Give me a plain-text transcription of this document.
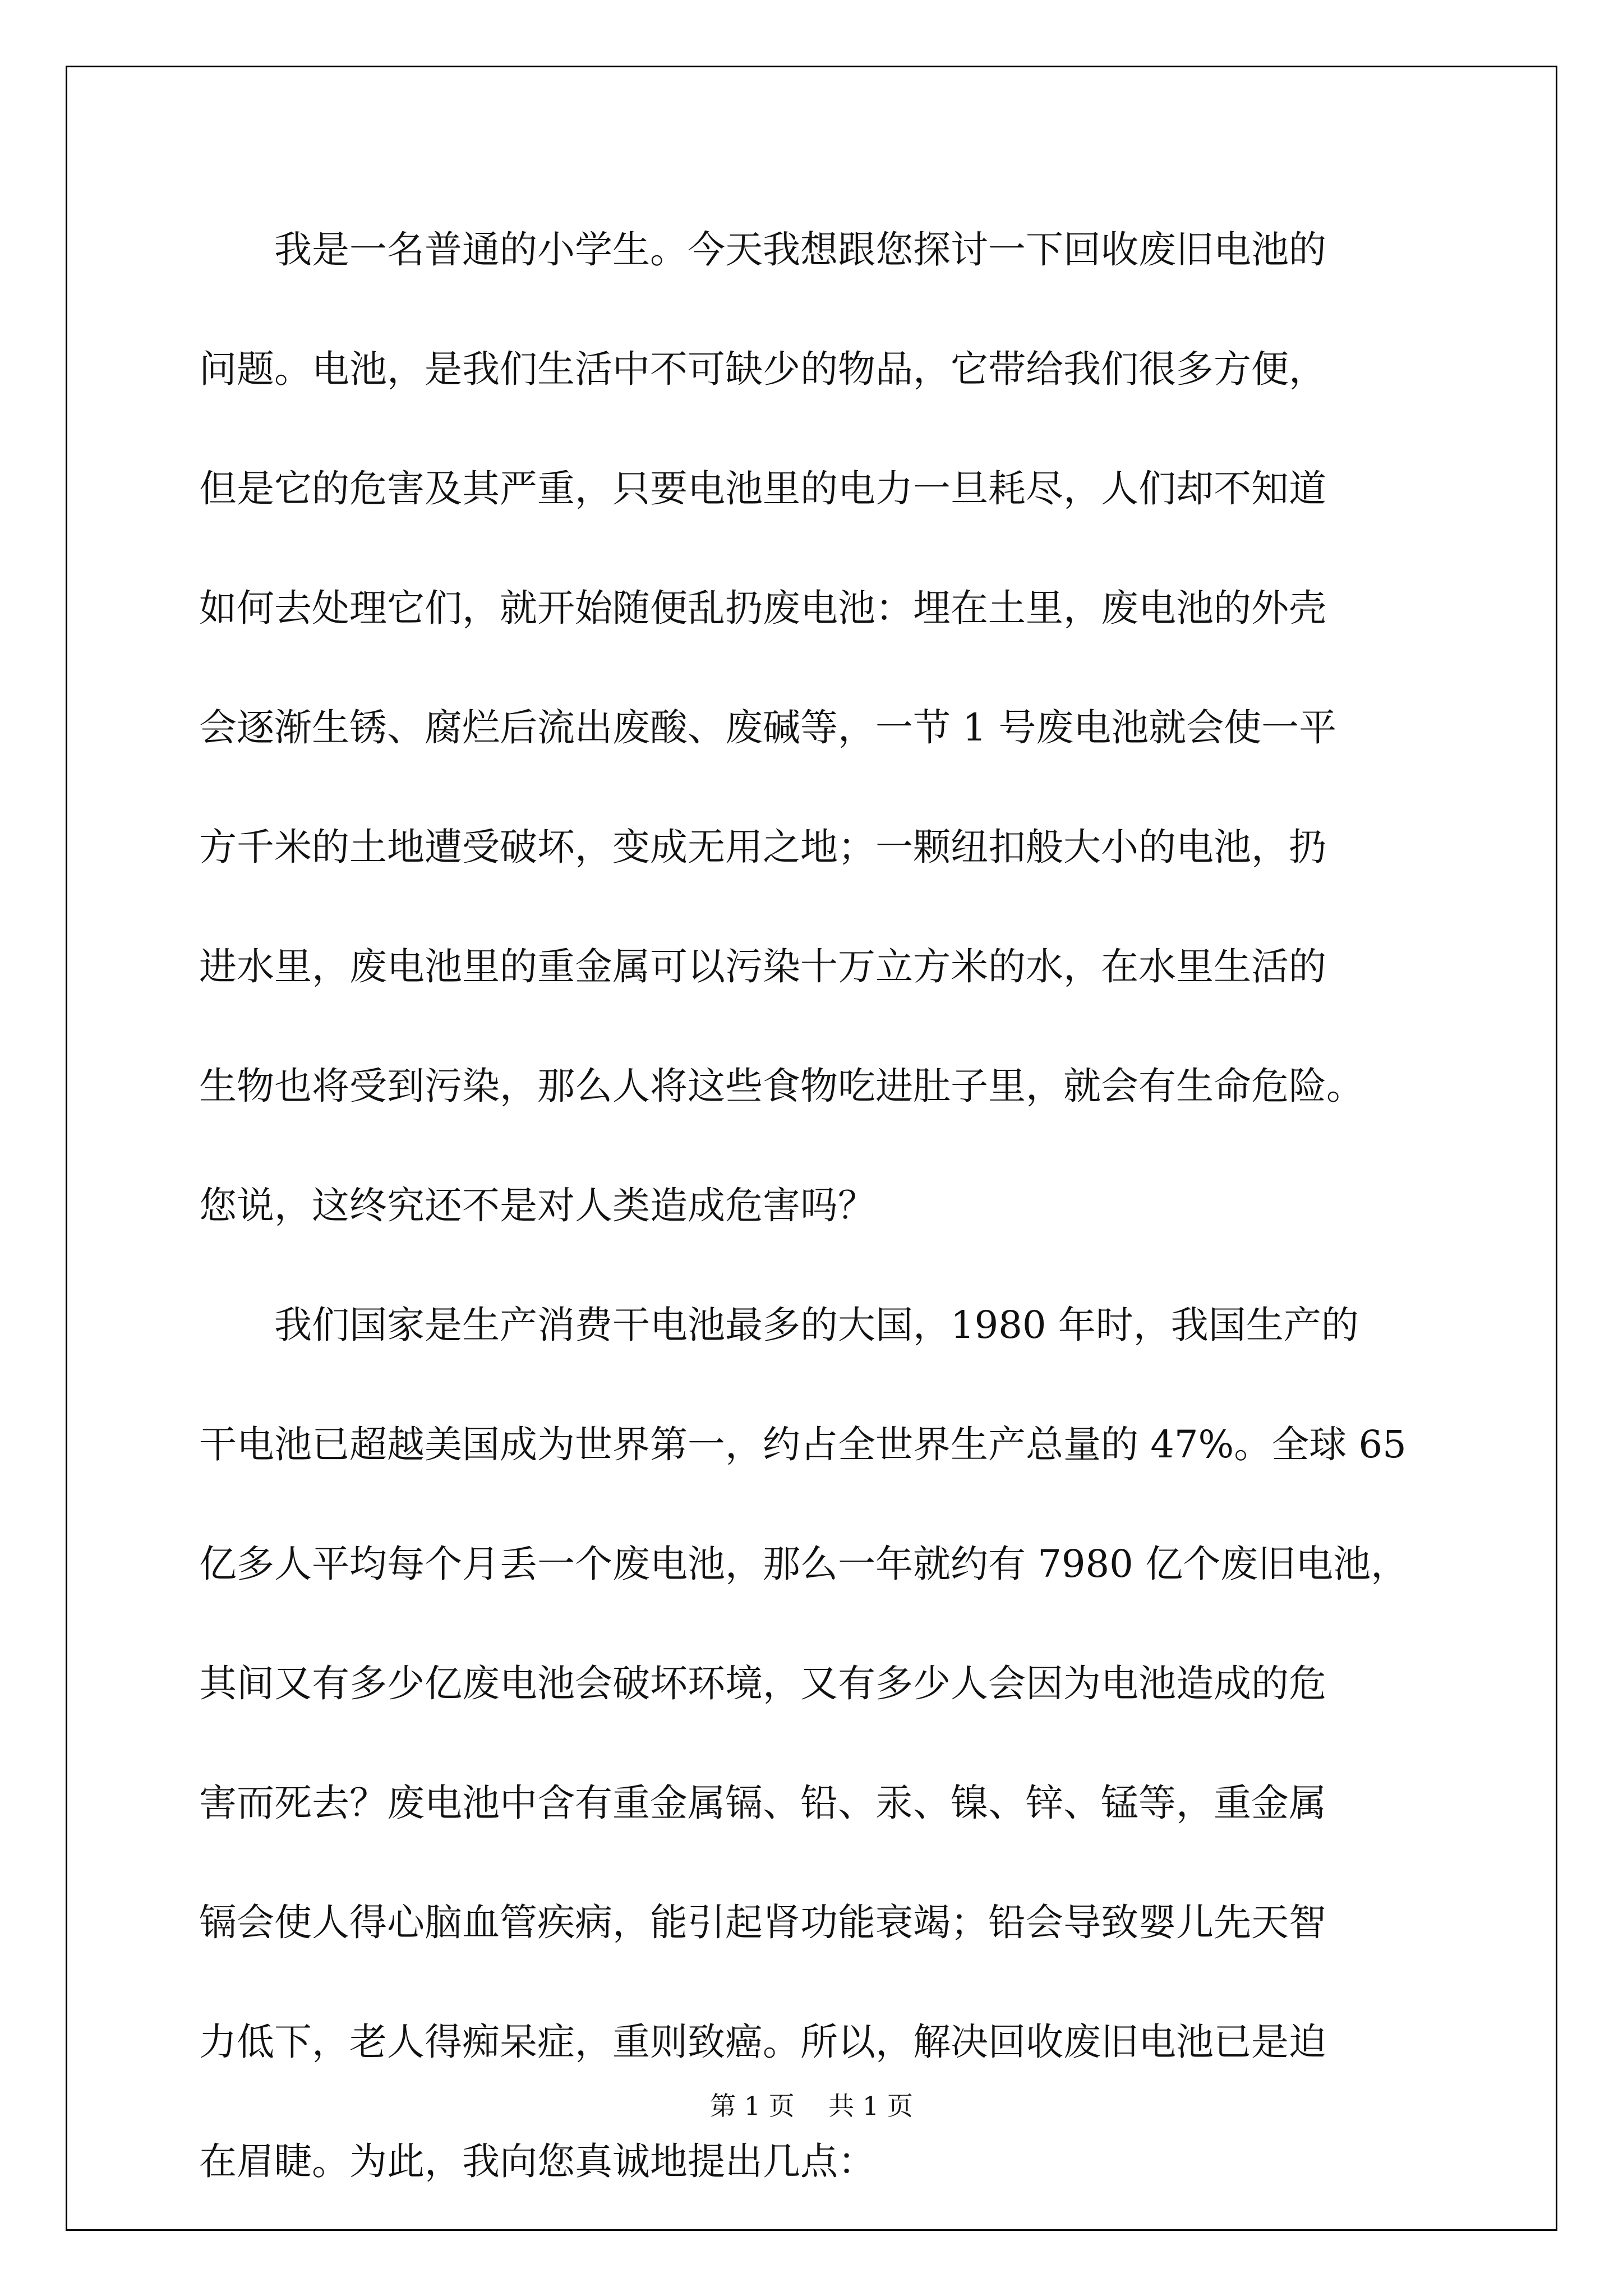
　　我是一名普通的小学生。今天我想跟您探讨一下回收废旧电池的
问题。电池，是我们生活中不可缺少的物品，它带给我们很多方便，
但是它的危害及其严重，只要电池里的电力一旦耗尽，人们却不知道
如何去处理它们，就开始随便乱扔废电池：埋在土里，废电池的外壳
会逐渐生锈、腐烂后流出废酸、废碱等，一节 1 号废电池就会使一平
方千米的土地遭受破坏，变成无用之地；一颗纽扣般大小的电池，扔
进水里，废电池里的重金属可以污染十万立方米的水，在水里生活的
生物也将受到污染，那么人将这些食物吃进肚子里，就会有生命危险。
您说，这终究还不是对人类造成危害吗？
　　我们国家是生产消费干电池最多的大国，1980 年时，我国生产的
干电池已超越美国成为世界第一，约占全世界生产总量的 47%。全球 65
亿多人平均每个月丢一个废电池，那么一年就约有 7980 亿个废旧电池，
其间又有多少亿废电池会破坏环境，又有多少人会因为电池造成的危
害而死去？废电池中含有重金属镉、铅、汞、镍、锌、锰等，重金属
镉会使人得心脑血管疾病，能引起肾功能衰竭；铅会导致婴儿先天智
力低下，老人得痴呆症，重则致癌。所以，解决回收废旧电池已是迫
在眉睫。为此，我向您真诚地提出几点：
第 1 页　 共 1 页
